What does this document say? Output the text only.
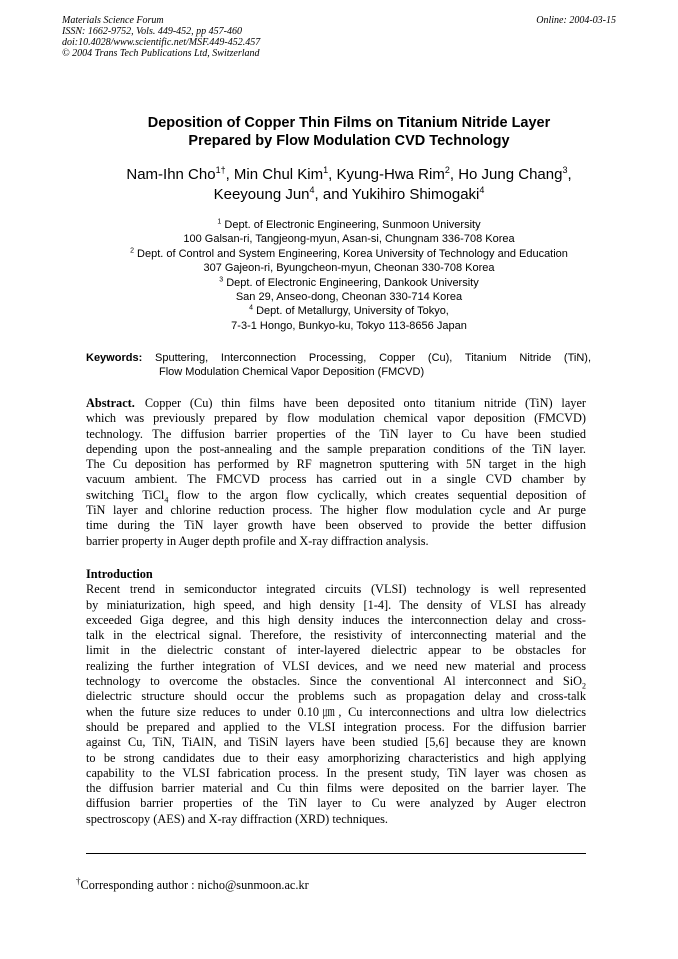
Materials Science Forum
ISSN: 1662-9752, Vols. 449-452, pp 457-460
doi:10.4028/www.scientific.net/MSF.449-452.457
© 2004 Trans Tech Publications Ltd, Switzerland
Online: 2004-03-15
Deposition of Copper Thin Films on Titanium Nitride Layer
Prepared by Flow Modulation CVD Technology
Nam-Ihn Cho$^{1\dagger}$, Min Chul Kim$^1$, Kyung-Hwa Rim$^2$, Ho Jung Chang$^3$,
Keeyoung Jun$^4$, and Yukihiro Shimogaki$^4$
$^1$ Dept. of Electronic Engineering, Sunmoon University
100 Galsan-ri, Tangjeong-myun, Asan-si, Chungnam 336-708 Korea
$^2$ Dept. of Control and System Engineering, Korea University of Technology and Education
307 Gajeon-ri, Byungcheon-myun, Cheonan 330-708 Korea
$^3$ Dept. of Electronic Engineering, Dankook University
San 29, Anseo-dong, Cheonan 330-714 Korea
$^4$ Dept. of Metallurgy, University of Tokyo,
7-3-1 Hongo, Bunkyo-ku, Tokyo 113-8656 Japan
Keywords: Sputtering, Interconnection Processing, Copper (Cu), Titanium Nitride (TiN),
Flow Modulation Chemical Vapor Deposition (FMCVD)
Abstract. Copper (Cu) thin films have been deposited onto titanium nitride (TiN) layer
which was previously prepared by flow modulation chemical vapor deposition (FMCVD)
technology. The diffusion barrier properties of the TiN layer to Cu have been studied
depending upon the post-annealing and the sample preparation conditions of the TiN layer.
The Cu deposition has performed by RF magnetron sputtering with 5N target in the high
vacuum ambient. The FMCVD process has carried out in a single CVD chamber by
switching TiCl$_4$ flow to the argon flow cyclically, which creates sequential deposition of
TiN layer and chlorine reduction process. The higher flow modulation cycle and Ar purge
time during the TiN layer growth have been observed to provide the better diffusion
barrier property in Auger depth profile and X-ray diffraction analysis.
Introduction
Recent trend in semiconductor integrated circuits (VLSI) technology is well represented
by miniaturization, high speed, and high density [1-4]. The density of VLSI has already
exceeded Giga degree, and this high density induces the interconnection delay and cross-
talk in the electrical signal. Therefore, the resistivity of interconnecting material and the
limit in the dielectric constant of inter-layered dielectric appear to be obstacles for
realizing the further integration of VLSI devices, and we need new material and process
technology to overcome the obstacles. Since the conventional Al interconnect and SiO$_2$
dielectric structure should occur the problems such as propagation delay and cross-talk
when the future size reduces to under 0.10㎛, Cu interconnections and ultra low dielectrics
should be prepared and applied to the VLSI integration process. For the diffusion barrier
against Cu, TiN, TiAlN, and TiSiN layers have been studied [5,6] because they are known
to be strong candidates due to their easy amorphorizing characteristics and high applying
capability to the VLSI fabrication process. In the present study, TiN layer was chosen as
the diffusion barrier material and Cu thin films were deposited on the barrier layer. The
diffusion barrier properties of the TiN layer to Cu were analyzed by Auger electron
spectroscopy (AES) and X-ray diffraction (XRD) techniques.
†Corresponding author : nicho@sunmoon.ac.kr
